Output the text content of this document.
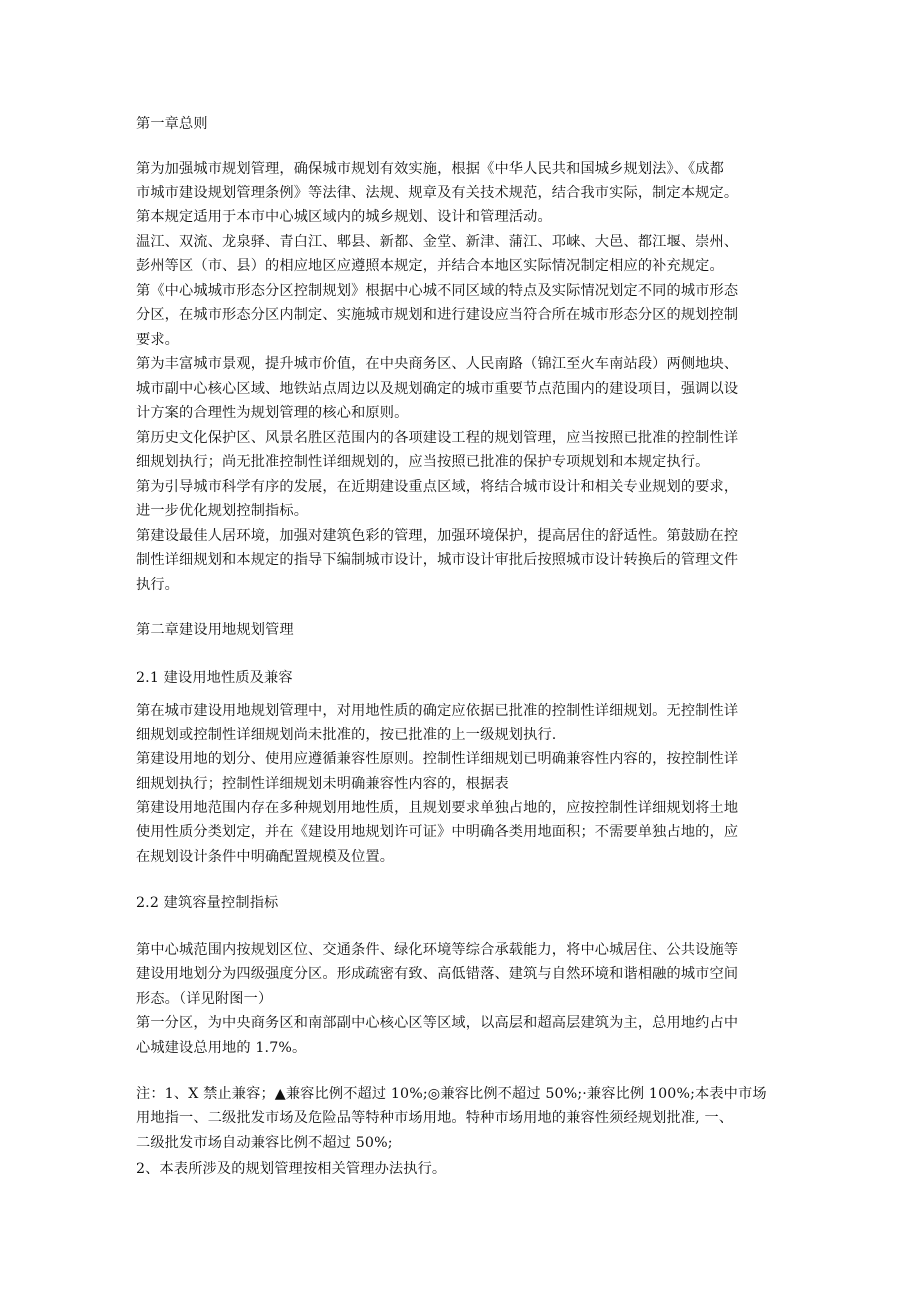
第一章总则
第为加强城市规划管理，确保城市规划有效实施，根据《中华人民共和国城乡规划法》、《成都
市城市建设规划管理条例》等法律、法规、规章及有关技术规范，结合我市实际，制定本规定。
第本规定适用于本市中心城区域内的城乡规划、设计和管理活动。
温江、双流、龙泉驿、青白江、郫县、新都、金堂、新津、蒲江、邛崃、大邑、都江堰、崇州、
彭州等区（市、县）的相应地区应遵照本规定，并结合本地区实际情况制定相应的补充规定。
第《中心城城市形态分区控制规划》根据中心城不同区域的特点及实际情况划定不同的城市形态
分区，在城市形态分区内制定、实施城市规划和进行建设应当符合所在城市形态分区的规划控制
要求。
第为丰富城市景观，提升城市价值，在中央商务区、人民南路（锦江至火车南站段）两侧地块、
城市副中心核心区域、地铁站点周边以及规划确定的城市重要节点范围内的建设项目，强调以设
计方案的合理性为规划管理的核心和原则。
第历史文化保护区、风景名胜区范围内的各项建设工程的规划管理，应当按照已批准的控制性详
细规划执行；尚无批准控制性详细规划的，应当按照已批准的保护专项规划和本规定执行。
第为引导城市科学有序的发展，在近期建设重点区域，将结合城市设计和相关专业规划的要求，
进一步优化规划控制指标。
第建设最佳人居环境，加强对建筑色彩的管理，加强环境保护，提高居住的舒适性。第鼓励在控
制性详细规划和本规定的指导下编制城市设计，城市设计审批后按照城市设计转换后的管理文件
执行。
第二章建设用地规划管理
2.1 建设用地性质及兼容
第在城市建设用地规划管理中，对用地性质的确定应依据已批准的控制性详细规划。无控制性详
细规划或控制性详细规划尚未批准的，按已批准的上一级规划执行.
第建设用地的划分、使用应遵循兼容性原则。控制性详细规划已明确兼容性内容的，按控制性详
细规划执行；控制性详细规划未明确兼容性内容的，根据表
第建设用地范围内存在多种规划用地性质，且规划要求单独占地的，应按控制性详细规划将土地
使用性质分类划定，并在《建设用地规划许可证》中明确各类用地面积；不需要单独占地的，应
在规划设计条件中明确配置规模及位置。
2.2 建筑容量控制指标
第中心城范围内按规划区位、交通条件、绿化环境等综合承载能力，将中心城居住、公共设施等
建设用地划分为四级强度分区。形成疏密有致、高低错落、建筑与自然环境和谐相融的城市空间
形态。（详见附图一）
第一分区，为中央商务区和南部副中心核心区等区域，以高层和超高层建筑为主，总用地约占中
心城建设总用地的 1.7%。
注：1、X 禁止兼容；▲兼容比例不超过 10%;◎兼容比例不超过 50%;·兼容比例 100%;本表中市场
用地指一、二级批发市场及危险品等特种市场用地。特种市场用地的兼容性须经规划批准, 一、
二级批发市场自动兼容比例不超过 50%;
2、本表所涉及的规划管理按相关管理办法执行。
